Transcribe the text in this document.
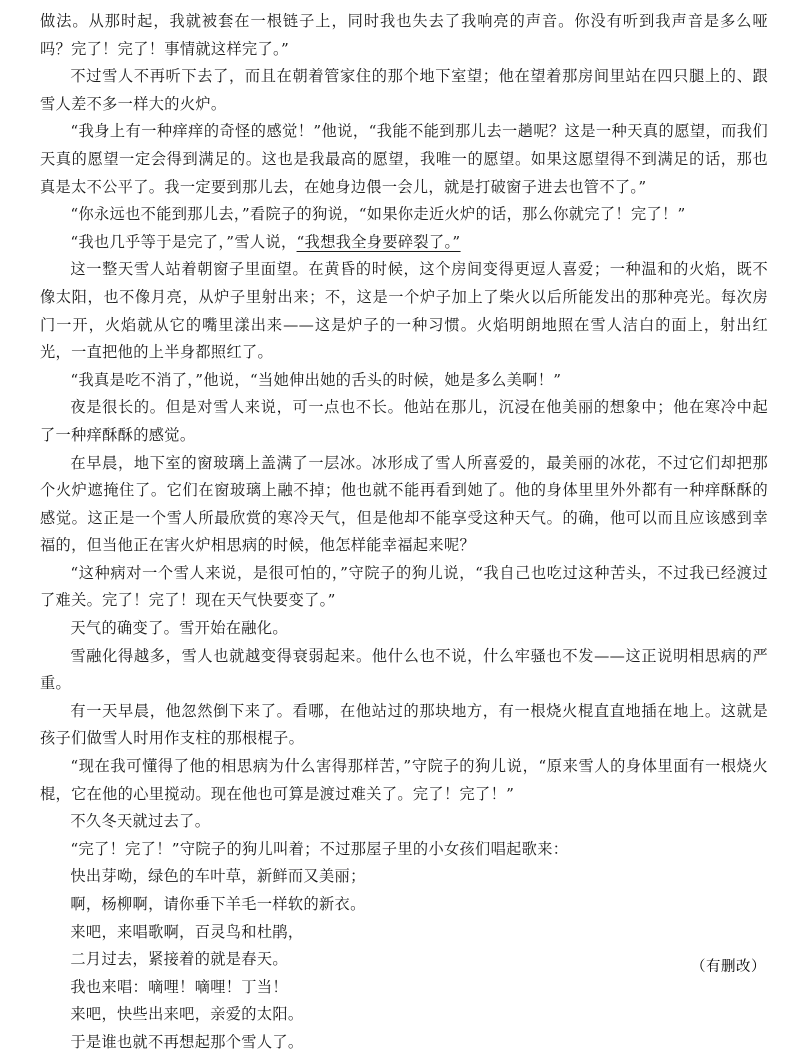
做法。从那时起，我就被套在一根链子上，同时我也失去了我响亮的声音。你没有听到我声音是多么哑吗？完了！完了！事情就这样完了。”

不过雪人不再听下去了，而且在朝着管家住的那个地下室望；他在望着那房间里站在四只腿上的、跟雪人差不多一样大的火炉。

“我身上有一种痒痒的奇怪的感觉！”他说，“我能不能到那儿去一趟呢？这是一种天真的愿望，而我们天真的愿望一定会得到满足的。这也是我最高的愿望，我唯一的愿望。如果这愿望得不到满足的话，那也真是太不公平了。我一定要到那儿去，在她身边偎一会儿，就是打破窗子进去也管不了。”

“你永远也不能到那儿去，”看院子的狗说，“如果你走近火炉的话，那么你就完了！完了！”

“我也几乎等于是完了，”雪人说，“我想我全身要碎裂了。”

这一整天雪人站着朝窗子里面望。在黄昏的时候，这个房间变得更逗人喜爱；一种温和的火焰，既不像太阳，也不像月亮，从炉子里射出来；不，这是一个炉子加上了柴火以后所能发出的那种亮光。每次房门一开，火焰就从它的嘴里漾出来——这是炉子的一种习惯。火焰明朗地照在雪人洁白的面上，射出红光，一直把他的上半身都照红了。

“我真是吃不消了，”他说，“当她伸出她的舌头的时候，她是多么美啊！”

夜是很长的。但是对雪人来说，可一点也不长。他站在那儿，沉浸在他美丽的想象中；他在寒冷中起了一种痒酥酥的感觉。

在早晨，地下室的窗玻璃上盖满了一层冰。冰形成了雪人所喜爱的，最美丽的冰花，不过它们却把那个火炉遮掩住了。它们在窗玻璃上融不掉；他也就不能再看到她了。他的身体里里外外都有一种痒酥酥的感觉。这正是一个雪人所最欣赏的寒冷天气，但是他却不能享受这种天气。的确，他可以而且应该感到幸福的，但当他正在害火炉相思病的时候，他怎样能幸福起来呢？

“这种病对一个雪人来说，是很可怕的，”守院子的狗儿说，“我自己也吃过这种苦头，不过我已经渡过了难关。完了！完了！现在天气快要变了。”

天气的确变了。雪开始在融化。

雪融化得越多，雪人也就越变得衰弱起来。他什么也不说，什么牢骚也不发——这正说明相思病的严重。

有一天早晨，他忽然倒下来了。看哪，在他站过的那块地方，有一根烧火棍直直地插在地上。这就是孩子们做雪人时用作支柱的那根棍子。

“现在我可懂得了他的相思病为什么害得那样苦，”守院子的狗儿说，“原来雪人的身体里面有一根烧火棍，它在他的心里搅动。现在他也可算是渡过难关了。完了！完了！”

不久冬天就过去了。

“完了！完了！”守院子的狗儿叫着；不过那屋子里的小女孩们唱起歌来：

快出芽呦，绿色的车叶草，新鲜而又美丽；
啊，杨柳啊，请你垂下羊毛一样软的新衣。
来吧，来唱歌啊，百灵鸟和杜鹃，
二月过去，紧接着的就是春天。
我也来唱：嘀哩！嘀哩！丁当！
来吧，快些出来吧，亲爱的太阳。

于是谁也就不再想起那个雪人了。

（有删改）
